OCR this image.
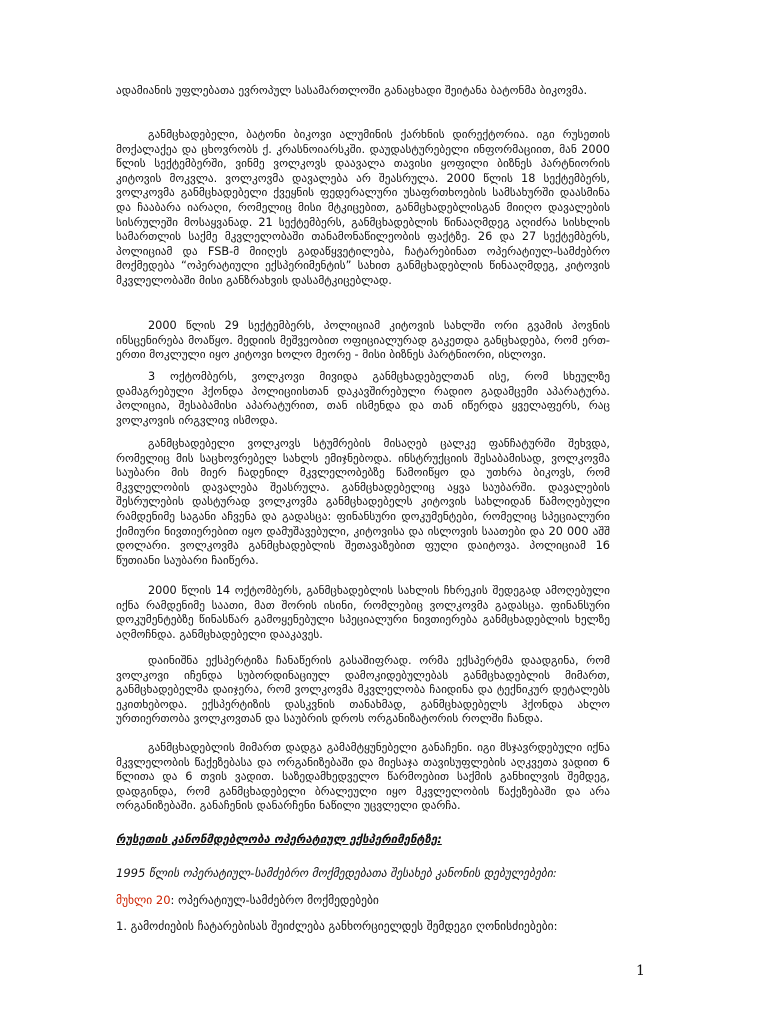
ადამიანის უფლებათა ევროპულ სასამართლოში განაცხადი შეიტანა ბატონმა ბიკოვმა.

განმცხადებელი, ბატონი ბიკოვი ალუმინის ქარხნის დირექტორია. იგი რუსეთის მოქალაქეა და ცხოვრობს ქ. კრასნოიარსკში. დაუდასტურებელი ინფორმაციით, მან 2000 წლის სექტემბერში, ვინმე ვოლკოვს დაავალა თავისი ყოფილი ბიზნეს პარტნიორის კიტოვის მოკვლა. ვოლკოვმა დავალება არ შეასრულა. 2000 წლის 18 სექტემბერს, ვოლკოვმა განმცხადებელი ქვეყნის ფედერალური უსაფრთხოების სამსახურში დაასმინა და ჩააბარა იარაღი, რომელიც მისი მტკიცებით, განმცხადებლისგან მიიღო დავალების სისრულეში მოსაყვანად. 21 სექტემბერს, განმცხადებლის წინააღმდეგ აღიძრა სისხლის სამართლის საქმე მკვლელობაში თანამონაწილეობის ფაქტზე. 26 და 27 სექტემბერს, პოლიციამ და FSB-მ მიიღეს გადაწყვეტილება, ჩატარებინათ ოპერატიულ-სამძებრო მოქმედება “ოპერატიული ექსპერიმენტის” სახით განმცხადებლის წინააღმდეგ, კიტოვის მკვლელობაში მისი განზრახვის დასამტკიცებლად.

2000 წლის 29 სექტემბერს, პოლიციამ კიტოვის სახლში ორი გვამის პოვნის ინსცენირება მოაწყო. მედიის მეშვეობით ოფიციალურად გაკეთდა განცხადება, რომ ერთ-ერთი მოკლული იყო კიტოვი ხოლო მეორე - მისი ბიზნეს პარტნიორი, ისლოვი.

3 ოქტომბერს, ვოლკოვი მივიდა განმცხადებელთან ისე, რომ სხეულზე დამაგრებული ჰქონდა პოლიციისთან დაკავშირებული რადიო გადამცემი აპარატურა. პოლიცია, შესაბამისი აპარატურით, თან ისმენდა და თან იწერდა ყველაფერს, რაც ვოლკოვის ირგვლივ ისმოდა.

განმცხადებელი ვოლკოვს სტუმრების მისაღებ ცალკე ფანჩატურში შეხვდა, რომელიც მის საცხოვრებელ სახლს ემიჯნებოდა. ინსტრუქციის შესაბამისად, ვოლკოვმა საუბარი მის მიერ ჩადენილ მკვლელობებზე წამოიწყო და უთხრა ბიკოვს, რომ მკვლელობის დავალება შეასრულა. განმცხადებელიც აყვა საუბარში. დავალების შესრულების დასტურად ვოლკოვმა განმცხადებელს კიტოვის სახლიდან წამოღებული რამდენიმე საგანი აჩვენა და გადასცა: ფინანსური დოკუმენტები, რომელიც სპეციალური ქიმიური ნივთიერებით იყო დამუშავებული, კიტოვისა და ისლოვის საათები და 20 000 აშშ დოლარი. ვოლკოვმა განმცხადებლის შეთავაზებით ფული დაიტოვა. პოლიციამ 16 წუთიანი საუბარი ჩაიწერა.

2000 წლის 14 ოქტომბერს, განმცხადებლის სახლის ჩხრეკის შედეგად ამოღებული იქნა რამდენიმე საათი, მათ შორის ისინი, რომლებიც ვოლკოვმა გადასცა. ფინანსური დოკუმენტებზე წინასწარ გამოყენებული სპეციალური ნივთიერება განმცხადებლის ხელზე აღმოჩნდა. განმცხადებელი დააკავეს.

დაინიშნა ექსპერტიზა ჩანაწერის გასაშიფრად. ორმა ექსპერტმა დაადგინა, რომ ვოლკოვი იჩენდა სუბორდინაციულ დამოკიდებულებას განმცხადებლის მიმართ, განმცხადებელმა დაიჯერა, რომ ვოლკოვმა მკვლელობა ჩაიდინა და ტექნიკურ დეტალებს ეკითხებოდა. ექსპერტიზის დასკვნის თანახმად, განმცხადებელს ჰქონდა ახლო ურთიერთობა ვოლკოვთან და საუბრის დროს ორგანიზატორის როლში ჩანდა.

განმცხადებლის მიმართ დადგა გამამტყუნებელი განაჩენი. იგი მსჯავრდებული იქნა მკვლელობის წაქეზებასა და ორგანიზებაში და მიესაჯა თავისუფლების აღკვეთა ვადით 6 წლითა და 6 თვის ვადით. საზედამხედველო წარმოებით საქმის განხილვის შემდეგ, დადგინდა, რომ განმცხადებელი ბრალეული იყო მკვლელობის წაქეზებაში და არა ორგანიზებაში. განაჩენის დანარჩენი ნაწილი უცვლელი დარჩა.

რუსეთის კანონმდებლობა ოპერატიულ ექსპერიმენტზე:

1995 წლის ოპერატიულ-სამძებრო მოქმედებათა შესახებ კანონის დებულებები:

მუხლი 20: ოპერატიულ-სამძებრო მოქმედებები

1. გამოძიების ჩატარებისას შეიძლება განხორციელდეს შემდეგი ღონისძიებები:

1
